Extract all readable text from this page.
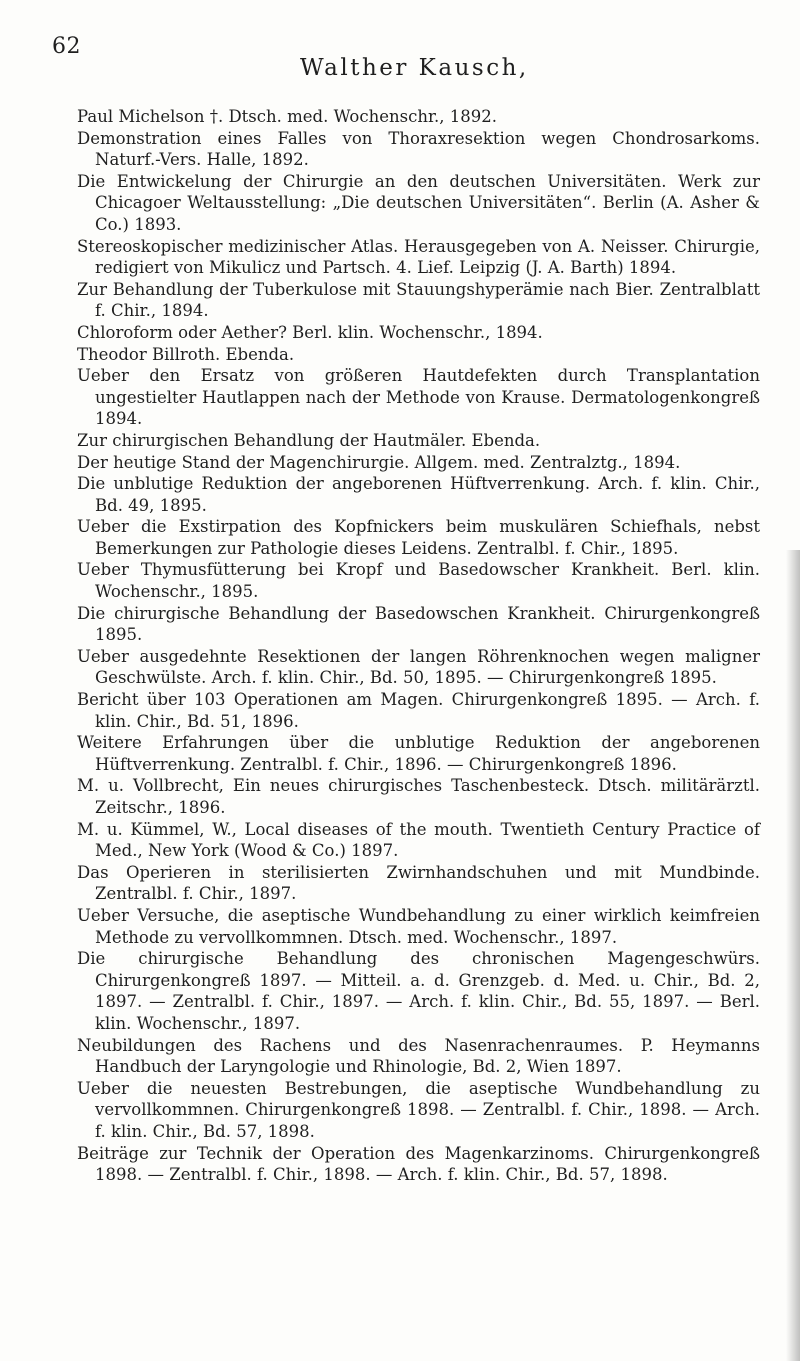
62
Walther Kausch,

Paul Michelson †. Dtsch. med. Wochenschr., 1892.

Demonstration eines Falles von Thoraxresektion wegen Chondrosarkoms. Naturf.-Vers. Halle, 1892.

Die Entwickelung der Chirurgie an den deutschen Universitäten. Werk zur Chicagoer Weltausstellung: „Die deutschen Universitäten“. Berlin (A. Asher & Co.) 1893.

Stereoskopischer medizinischer Atlas. Herausgegeben von A. Neisser. Chirurgie, redigiert von Mikulicz und Partsch. 4. Lief. Leipzig (J. A. Barth) 1894.

Zur Behandlung der Tuberkulose mit Stauungshyperämie nach Bier. Zentralblatt f. Chir., 1894.

Chloroform oder Aether? Berl. klin. Wochenschr., 1894.

Theodor Billroth. Ebenda.

Ueber den Ersatz von größeren Hautdefekten durch Transplantation ungestielter Hautlappen nach der Methode von Krause. Dermatologenkongreß 1894.

Zur chirurgischen Behandlung der Hautmäler. Ebenda.

Der heutige Stand der Magenchirurgie. Allgem. med. Zentralztg., 1894.

Die unblutige Reduktion der angeborenen Hüftverrenkung. Arch. f. klin. Chir., Bd. 49, 1895.

Ueber die Exstirpation des Kopfnickers beim muskulären Schiefhals, nebst Bemerkungen zur Pathologie dieses Leidens. Zentralbl. f. Chir., 1895.

Ueber Thymusfütterung bei Kropf und Basedowscher Krankheit. Berl. klin. Wochenschr., 1895.

Die chirurgische Behandlung der Basedowschen Krankheit. Chirurgenkongreß 1895.

Ueber ausgedehnte Resektionen der langen Röhrenknochen wegen maligner Geschwülste. Arch. f. klin. Chir., Bd. 50, 1895. — Chirurgenkongreß 1895.

Bericht über 103 Operationen am Magen. Chirurgenkongreß 1895. — Arch. f. klin. Chir., Bd. 51, 1896.

Weitere Erfahrungen über die unblutige Reduktion der angeborenen Hüftverrenkung. Zentralbl. f. Chir., 1896. — Chirurgenkongreß 1896.

M. u. Vollbrecht, Ein neues chirurgisches Taschenbesteck. Dtsch. militärärztl. Zeitschr., 1896.

M. u. Kümmel, W., Local diseases of the mouth. Twentieth Century Practice of Med., New York (Wood & Co.) 1897.

Das Operieren in sterilisierten Zwirnhandschuhen und mit Mundbinde. Zentralbl. f. Chir., 1897.

Ueber Versuche, die aseptische Wundbehandlung zu einer wirklich keimfreien Methode zu vervollkommnen. Dtsch. med. Wochenschr., 1897.

Die chirurgische Behandlung des chronischen Magengeschwürs. Chirurgenkongreß 1897. — Mitteil. a. d. Grenzgeb. d. Med. u. Chir., Bd. 2, 1897. — Zentralbl. f. Chir., 1897. — Arch. f. klin. Chir., Bd. 55, 1897. — Berl. klin. Wochenschr., 1897.

Neubildungen des Rachens und des Nasenrachenraumes. P. Heymanns Handbuch der Laryngologie und Rhinologie, Bd. 2, Wien 1897.

Ueber die neuesten Bestrebungen, die aseptische Wundbehandlung zu vervollkommnen. Chirurgenkongreß 1898. — Zentralbl. f. Chir., 1898. — Arch. f. klin. Chir., Bd. 57, 1898.

Beiträge zur Technik der Operation des Magenkarzinoms. Chirurgenkongreß 1898. — Zentralbl. f. Chir., 1898. — Arch. f. klin. Chir., Bd. 57, 1898.
